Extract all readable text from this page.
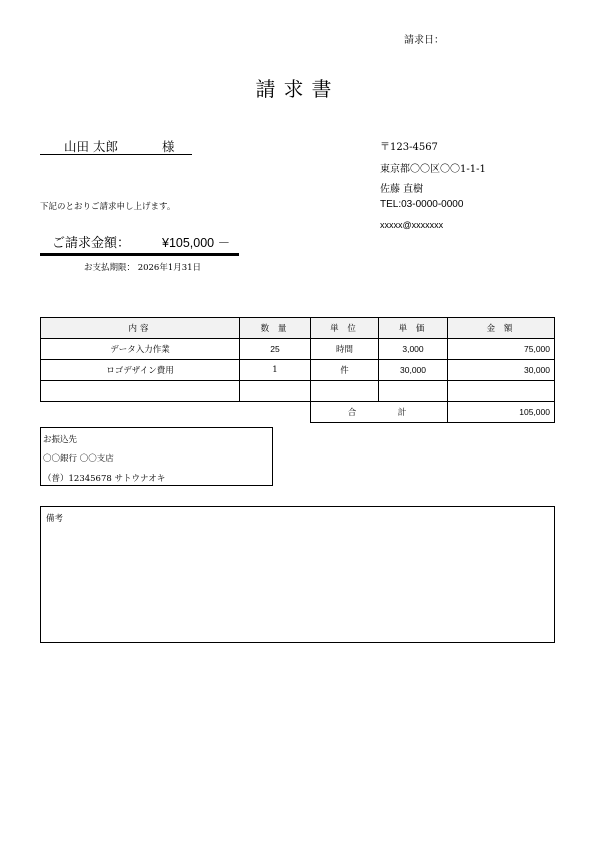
請求日：
請求書
山田 太郎	様
下記のとおりご請求申し上げます。
ご請求金額：	¥105,000 －
お支払期限： 2026年1月31日
〒123-4567
東京都〇〇区〇〇1-1-1
佐藤 直樹
TEL:03-0000-0000
xxxxx@xxxxxxx
内容	数 量	単 位	単 価	金 額
データ入力作業	25	時間	3,000	75,000
ロゴデザイン費用	1	件	30,000	30,000

		合　　　計		105,000
お振込先
〇〇銀行 〇〇支店
（普）12345678 サトウナオキ
備考
